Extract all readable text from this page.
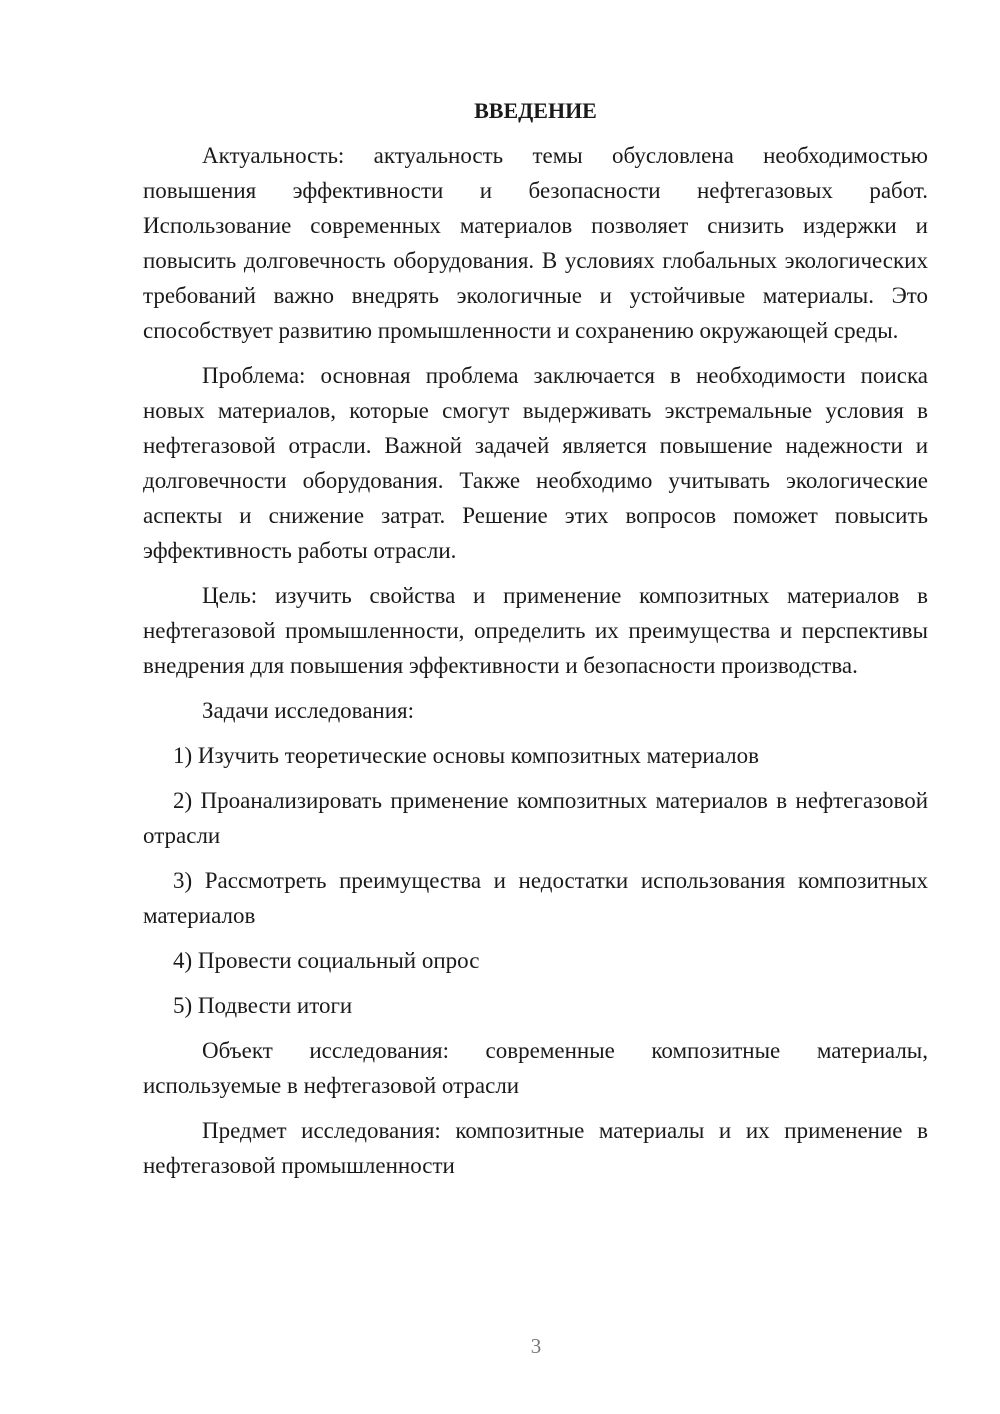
ВВЕДЕНИЕ

Актуальность: актуальность темы обусловлена необходимостью повышения эффективности и безопасности нефтегазовых работ. Использование современных материалов позволяет снизить издержки и повысить долговечность оборудования. В условиях глобальных экологических требований важно внедрять экологичные и устойчивые материалы. Это способствует развитию промышленности и сохранению окружающей среды.

Проблема: основная проблема заключается в необходимости поиска новых материалов, которые смогут выдерживать экстремальные условия в нефтегазовой отрасли. Важной задачей является повышение надежности и долговечности оборудования. Также необходимо учитывать экологические аспекты и снижение затрат. Решение этих вопросов поможет повысить эффективность работы отрасли.

Цель: изучить свойства и применение композитных материалов в нефтегазовой промышленности, определить их преимущества и перспективы внедрения для повышения эффективности и безопасности производства.

Задачи исследования:

1) Изучить теоретические основы композитных материалов

2) Проанализировать применение композитных материалов в нефтегазовой отрасли

3) Рассмотреть преимущества и недостатки использования композитных материалов

4) Провести социальный опрос

5) Подвести итоги

Объект исследования: современные композитные материалы, используемые в нефтегазовой отрасли

Предмет исследования: композитные материалы и их применение в нефтегазовой промышленности

3
